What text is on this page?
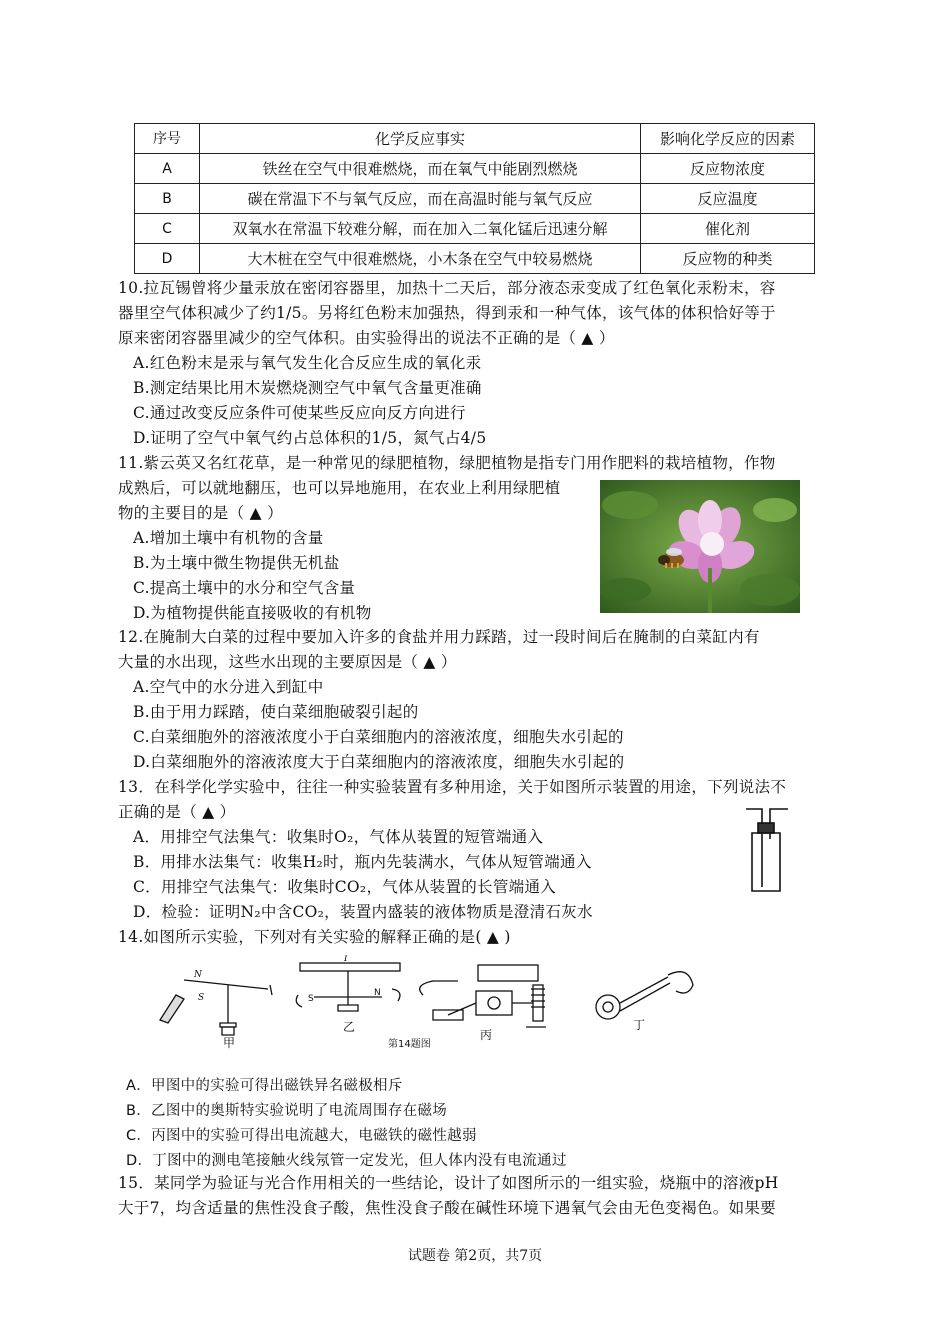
序号	化学反应事实	影响化学反应的因素
A	铁丝在空气中很难燃烧，而在氧气中能剧烈燃烧	反应物浓度
B	碳在常温下不与氧气反应，而在高温时能与氧气反应	反应温度
C	双氧水在常温下较难分解，而在加入二氧化锰后迅速分解	催化剂
D	大木桩在空气中很难燃烧，小木条在空气中较易燃烧	反应物的种类
10.拉瓦锡曾将少量汞放在密闭容器里，加热十二天后，部分液态汞变成了红色氧化汞粉末，容
器里空气体积减少了约1/5。另将红色粉末加强热，得到汞和一种气体，该气体的体积恰好等于
原来密闭容器里减少的空气体积。由实验得出的说法不正确的是（ ▲ ）
A.红色粉末是汞与氧气发生化合反应生成的氧化汞
B.测定结果比用木炭燃烧测空气中氧气含量更准确
C.通过改变反应条件可使某些反应向反方向进行
D.证明了空气中氧气约占总体积的1/5，氮气占4/5
11.紫云英又名红花草，是一种常见的绿肥植物，绿肥植物是指专门用作肥料的栽培植物，作物
成熟后，可以就地翻压，也可以异地施用，在农业上利用绿肥植
物的主要目的是（ ▲ ）
A.增加土壤中有机物的含量
B.为土壤中微生物提供无机盐
C.提高土壤中的水分和空气含量
D.为植物提供能直接吸收的有机物
12.在腌制大白菜的过程中要加入许多的食盐并用力踩踏，过一段时间后在腌制的白菜缸内有
大量的水出现，这些水出现的主要原因是（ ▲ ）
A.空气中的水分进入到缸中
B.由于用力踩踏，使白菜细胞破裂引起的
C.白菜细胞外的溶液浓度小于白菜细胞内的溶液浓度，细胞失水引起的
D.白菜细胞外的溶液浓度大于白菜细胞内的溶液浓度，细胞失水引起的
13．在科学化学实验中，往往一种实验装置有多种用途，关于如图所示装置的用途，下列说法不
正确的是（ ▲ ）
A．用排空气法集气：收集时O₂，气体从装置的短管端通入
B．用排水法集气：收集H₂时，瓶内先装满水，气体从短管端通入
C．用排空气法集气：收集时CO₂，气体从装置的长管端通入
D．检验：证明N₂中含CO₂，装置内盛装的液体物质是澄清石灰水
14.如图所示实验，下列对有关实验的解释正确的是( ▲ )
N
S
I
S
N
甲
乙
丙
丁
第14题图
A．甲图中的实验可得出磁铁异名磁极相斥
B．乙图中的奥斯特实验说明了电流周围存在磁场
C．丙图中的实验可得出电流越大，电磁铁的磁性越弱
D．丁图中的测电笔接触火线氖管一定发光，但人体内没有电流通过
15．某同学为验证与光合作用相关的一些结论，设计了如图所示的一组实验，烧瓶中的溶液pH
大于7，均含适量的焦性没食子酸，焦性没食子酸在碱性环境下遇氧气会由无色变褐色。如果要
试题卷 第2页，共7页
